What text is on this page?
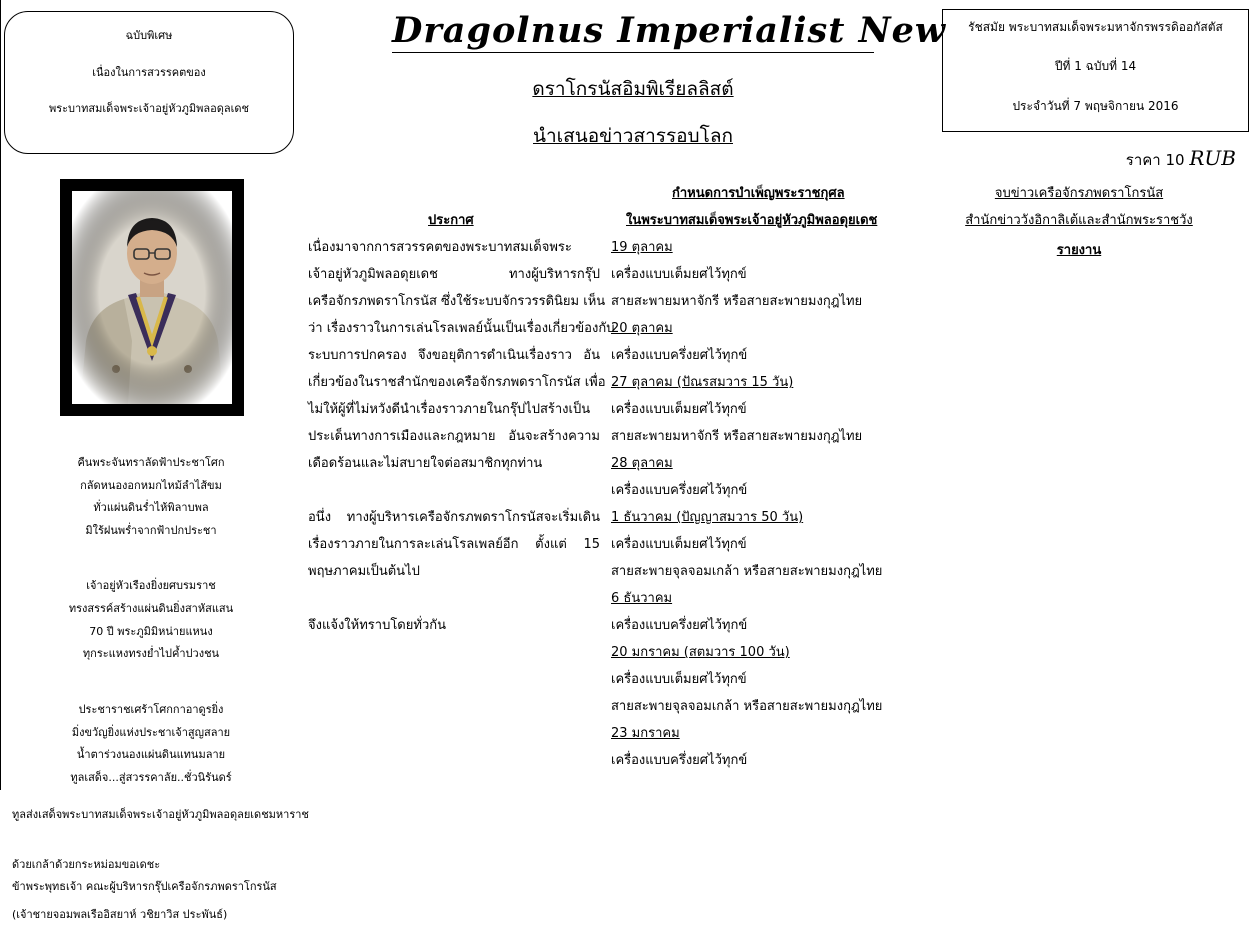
ฉบับพิเศษ
เนื่องในการสวรรคตของ
พระบาทสมเด็จพระเจ้าอยู่หัวภูมิพลอดุลเดช
Dragolnus Imperialist New
ดราโกรนัสอิมพิเรียลลิสต์
นำเสนอข่าวสารรอบโลก
รัชสมัย พระบาทสมเด็จพระมหาจักรพรรดิออกัสตัส
ปีที่ 1 ฉบับที่ 14
ประจำวันที่ 7 พฤษจิกายน 2016
ราคา 10 RUB
คืนพระจันทราลัดฟ้าประชาโศก
กลัดหนองอกหมกไหม้ลำไส้ขม
ทั่วแผ่นดินร่ำไห้พิลาบพล
มิใร้ฝนพร่ำจากฟ้าปกประชา
เจ้าอยู่หัวเรืองยิ่งยศบรมราช
ทรงสรรค์สร้างแผ่นดินยิ่งสาหัสแสน
70 ปี พระภูมิมิหน่ายแหนง
ทุกระแหงทรงย่ำไปค้ำปวงชน
ประชาราชเศร้าโศกกาอาดูรยิ่ง
มิ่งขวัญยิ่งแห่งประชาเจ้าสูญสลาย
น้ำตาร่วงนองแผ่นดินแทนมลาย
ทูลเสด็จ...สู่สวรรคาลัย..ชั่วนิรันดร์
ทูลส่งเสด็จพระบาทสมเด็จพระเจ้าอยู่หัวภูมิพลอดุลยเดชมหาราช
ด้วยเกล้าด้วยกระหม่อมขอเดชะ
ข้าพระพุทธเจ้า คณะผู้บริหารกรุ๊ปเครือจักรภพดราโกรนัส
(เจ้าชายจอมพลเรืออิสยาห์ วชิยาวิส ประพันธ์)
ประกาศ
เนื่องมาจากการสวรรคตของพระบาทสมเด็จพระ
เจ้าอยู่หัวภูมิพลอดุยเดช ทางผู้บริหารกรุ๊ป
เครือจักรภพดราโกรนัส ซึ่งใช้ระบบจักรวรรดินิยม เห็น
ว่า เรื่องราวในการเล่นโรลเพลย์นั้นเป็นเรื่องเกี่ยวข้องกับ
ระบบการปกครอง จึงขอยุติการดำเนินเรื่องราว อัน
เกี่ยวข้องในราชสำนักของเครือจักรภพดราโกรนัส เพื่อ
ไม่ให้ผู้ที่ไม่หวังดีนำเรื่องราวภายในกรุ๊ปไปสร้างเป็น
ประเด็นทางการเมืองและกฎหมาย อันจะสร้างความ
เดือดร้อนและไม่สบายใจต่อสมาชิกทุกท่าน
อนึ่ง ทางผู้บริหารเครือจักรภพดราโกรนัสจะเริ่มเดิน
เรื่องราวภายในการละเล่นโรลเพลย์อีก ตั้งแต่ 15
พฤษภาคมเป็นต้นไป
จึงแจ้งให้ทราบโดยทั่วกัน
กำหนดการบำเพ็ญพระราชกุศล
ในพระบาทสมเด็จพระเจ้าอยู่หัวภูมิพลอดุยเดช
19 ตุลาคม
เครื่องแบบเต็มยศไว้ทุกข์
สายสะพายมหาจักรี หรือสายสะพายมงกุฎไทย
20 ตุลาคม
เครื่องแบบครึ่งยศไว้ทุกข์
27 ตุลาคม (ปัณรสมวาร 15 วัน)
เครื่องแบบเต็มยศไว้ทุกข์
สายสะพายมหาจักรี หรือสายสะพายมงกุฎไทย
28 ตุลาคม
เครื่องแบบครึ่งยศไว้ทุกข์
1 ธันวาคม (ปัญญาสมวาร 50 วัน)
เครื่องแบบเต็มยศไว้ทุกข์
สายสะพายจุลจอมเกล้า หรือสายสะพายมงกุฎไทย
6 ธันวาคม
เครื่องแบบครึ่งยศไว้ทุกข์
20 มกราคม (สตมวาร 100 วัน)
เครื่องแบบเต็มยศไว้ทุกข์
สายสะพายจุลจอมเกล้า หรือสายสะพายมงกุฎไทย
23 มกราคม
เครื่องแบบครึ่งยศไว้ทุกข์
จบข่าวเครือจักรภพดราโกรนัส
สำนักข่าววังอิกาลิเต้และสำนักพระราชวัง
รายงาน
